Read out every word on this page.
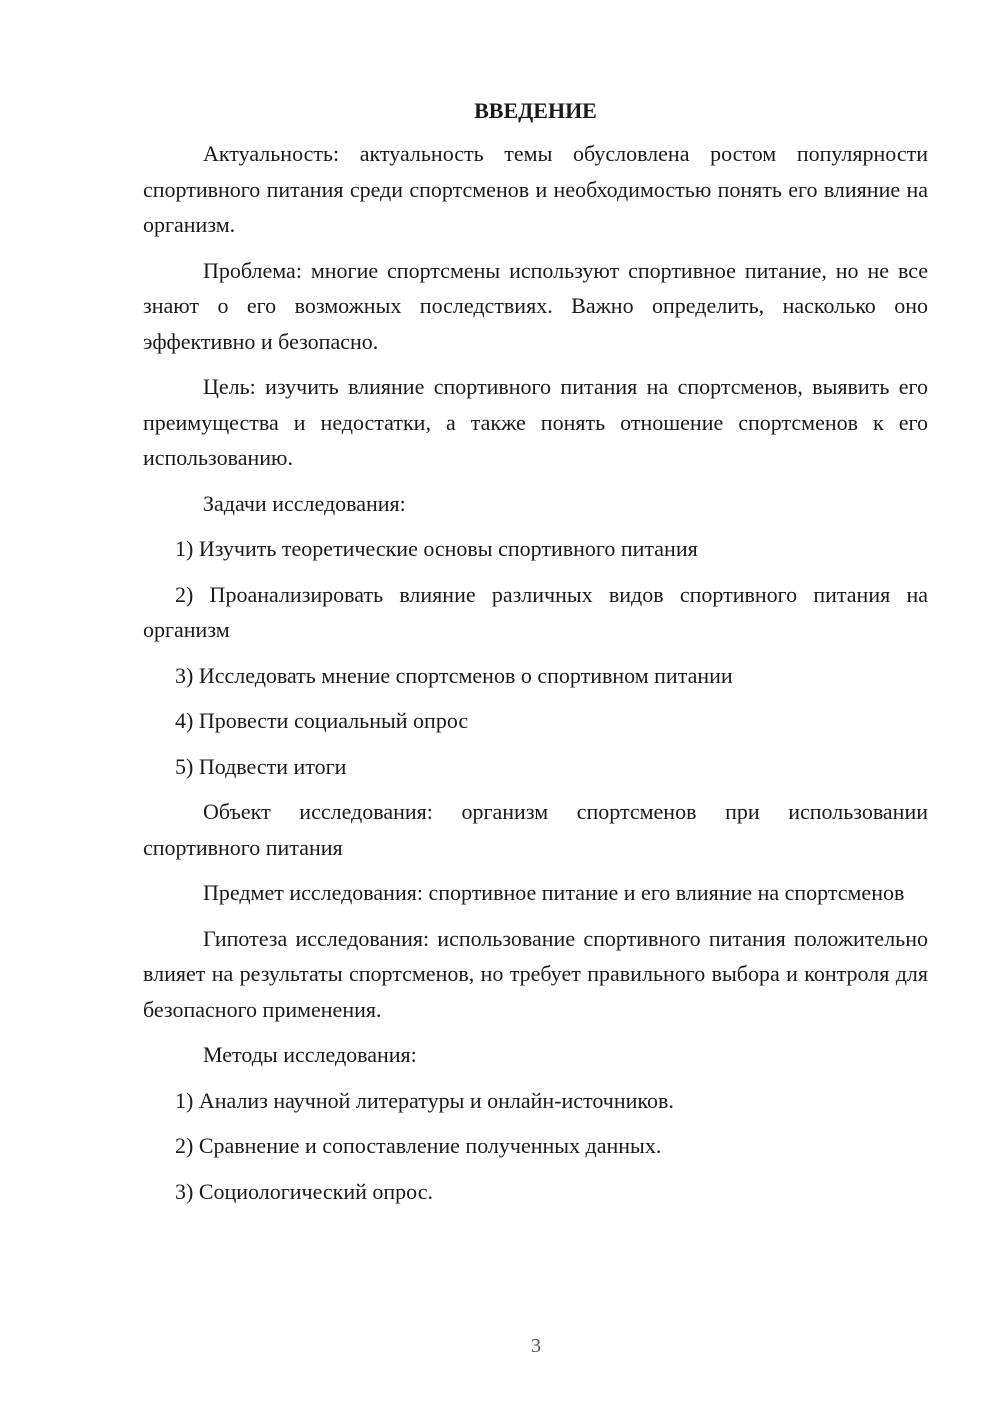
ВВЕДЕНИЕ

Актуальность: актуальность темы обусловлена ростом популярности спортивного питания среди спортсменов и необходимостью понять его влияние на организм.

Проблема: многие спортсмены используют спортивное питание, но не все знают о его возможных последствиях. Важно определить, насколько оно эффективно и безопасно.

Цель: изучить влияние спортивного питания на спортсменов, выявить его преимущества и недостатки, а также понять отношение спортсменов к его использованию.

Задачи исследования:

1) Изучить теоретические основы спортивного питания

2) Проанализировать влияние различных видов спортивного питания на организм

3) Исследовать мнение спортсменов о спортивном питании

4) Провести социальный опрос

5) Подвести итоги

Объект исследования: организм спортсменов при использовании спортивного питания

Предмет исследования: спортивное питание и его влияние на спортсменов

Гипотеза исследования: использование спортивного питания положительно влияет на результаты спортсменов, но требует правильного выбора и контроля для безопасного применения.

Методы исследования:

1) Анализ научной литературы и онлайн-источников.

2) Сравнение и сопоставление полученных данных.

3) Социологический опрос.

3
